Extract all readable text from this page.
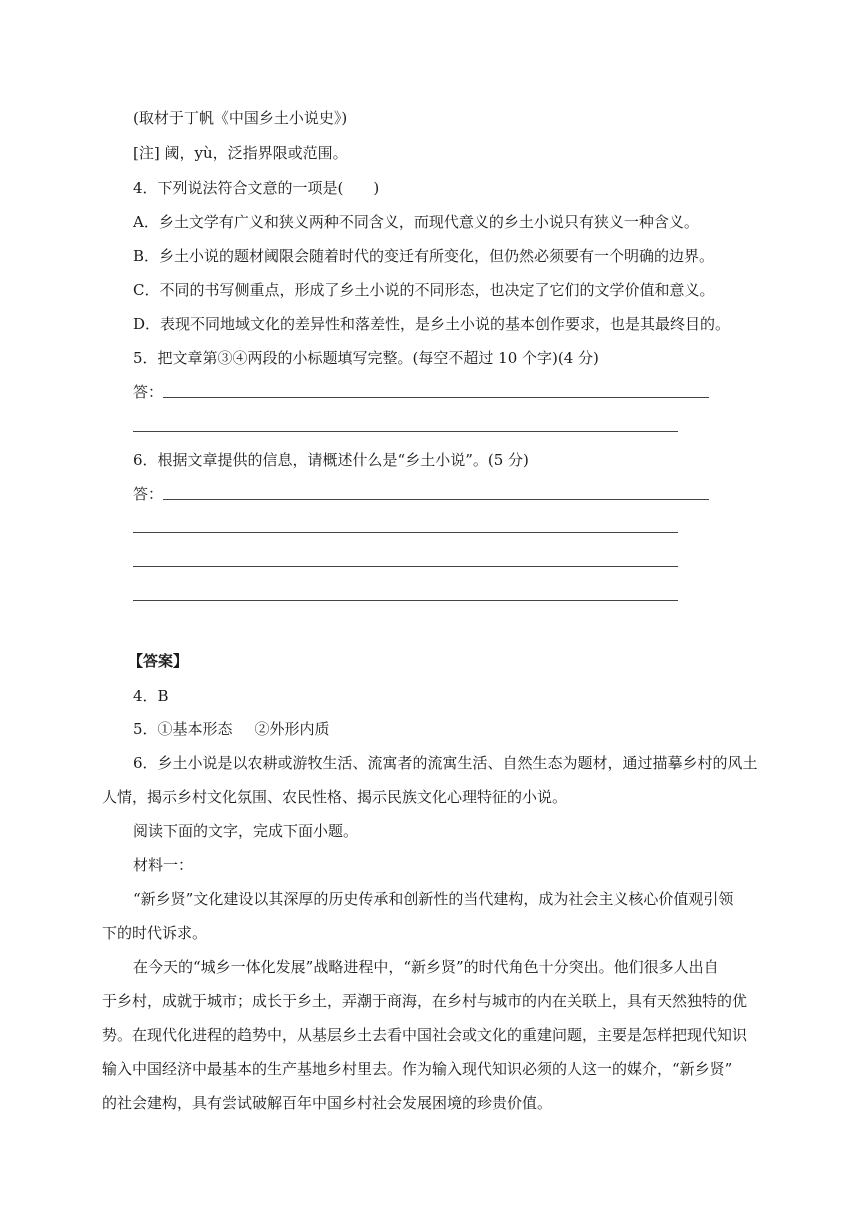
(取材于丁帆《中国乡土小说史》)
[注] 阈，yù，泛指界限或范围。
4．下列说法符合文意的一项是(　　)
A．乡土文学有广义和狭义两种不同含义，而现代意义的乡土小说只有狭义一种含义。
B．乡土小说的题材阈限会随着时代的变迁有所变化，但仍然必须要有一个明确的边界。
C．不同的书写侧重点，形成了乡土小说的不同形态，也决定了它们的文学价值和意义。
D．表现不同地域文化的差异性和落差性，是乡土小说的基本创作要求，也是其最终目的。
5．把文章第③④两段的小标题填写完整。(每空不超过 10 个字)(4 分)
答：
6．根据文章提供的信息，请概述什么是“乡土小说”。(5 分)
答：
【答案】
4．B
5．①基本形态 ②外形内质
6．乡土小说是以农耕或游牧生活、流寓者的流寓生活、自然生态为题材，通过描摹乡村的风土
人情，揭示乡村文化氛围、农民性格、揭示民族文化心理特征的小说。
阅读下面的文字，完成下面小题。
材料一：
“新乡贤”文化建设以其深厚的历史传承和创新性的当代建构，成为社会主义核心价值观引领
下的时代诉求。
在今天的“城乡一体化发展”战略进程中，“新乡贤”的时代角色十分突出。他们很多人出自
于乡村，成就于城市；成长于乡土，弄潮于商海，在乡村与城市的内在关联上，具有天然独特的优
势。在现代化进程的趋势中，从基层乡土去看中国社会或文化的重建问题，主要是怎样把现代知识
输入中国经济中最基本的生产基地乡村里去。作为输入现代知识必须的人这一的媒介，“新乡贤”
的社会建构，具有尝试破解百年中国乡村社会发展困境的珍贵价值。
